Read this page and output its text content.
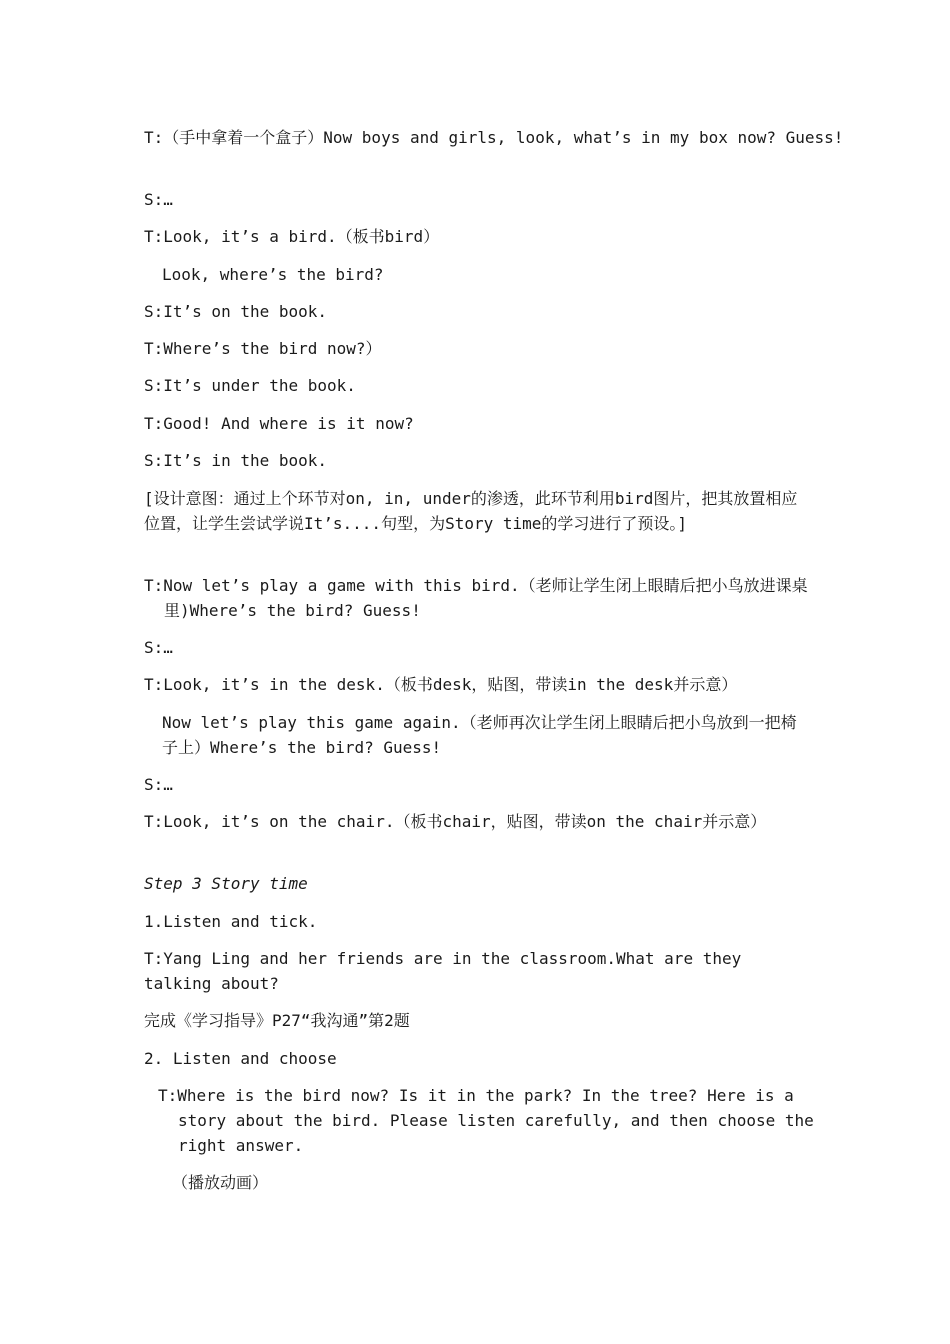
T:（手中拿着一个盒子）Now boys and girls, look, what’s in my box now? Guess!
S:…
T:Look, it’s a bird.（板书bird）
Look, where’s the bird?
S:It’s on the book.
T:Where’s the bird now?）
S:It’s under the book.
T:Good! And where is it now?
S:It’s in the book.
[设计意图：通过上个环节对on, in, under的渗透，此环节利用bird图片，把其放置相应位置，让学生尝试学说It’s....句型，为Story time的学习进行了预设。]
T:Now let’s play a game with this bird.（老师让学生闭上眼睛后把小鸟放进课桌里)Where’s the bird? Guess!
S:…
T:Look, it’s in the desk.（板书desk，贴图，带读in the desk并示意）
Now let’s play this game again.（老师再次让学生闭上眼睛后把小鸟放到一把椅子上）Where’s the bird? Guess!
S:…
T:Look, it’s on the chair.（板书chair，贴图，带读on the chair并示意）
Step 3 Story time
1.Listen and tick.
T:Yang Ling and her friends are in the classroom.What are they talking about?
完成《学习指导》P27“我沟通”第2题
2. Listen and choose
T:Where is the bird now? Is it in the park? In the tree? Here is a story about the bird. Please listen carefully, and then choose the right answer.
（播放动画）
